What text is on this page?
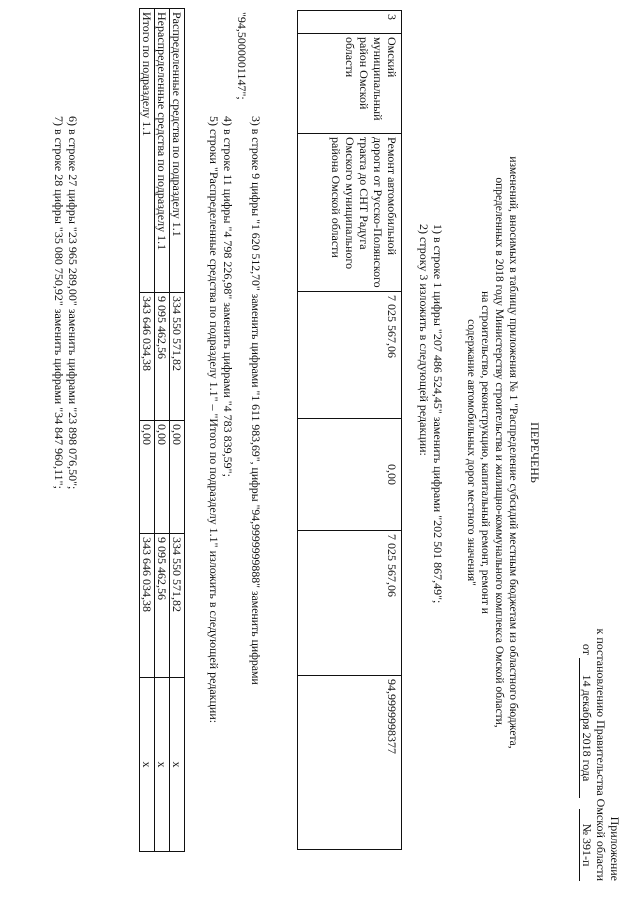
Приложение
к постановлению Правительства Омской области
от 14 декабря 2018 года № 391-п
ПЕРЕЧЕНЬ
изменений, вносимых в таблицу приложения № 1 "Распределение субсидий местным бюджетам из областного бюджета,
определенных в 2018 году Министерству строительства и жилищно-коммунального комплекса Омской области,
на строительство, реконструкцию, капитальный ремонт, ремонт и
содержание автомобильных дорог местного значения"
1) в строке 1 цифры "207 486 524,45" заменить цифрами "202 501 867,49";
2) строку 3 изложить в следующей редакции:
3	Омский муниципальный район Омской области	Ремонт автомобильной дороги от Русско-Полянского тракта до СНТ Радуга Омского муниципального района Омской области	7 025 567,06	0,00	7 025 567,06	94,9999998377
3) в строке 9 цифры "1 620 512,70" заменить цифрами "1 611 983,69", цифры "94,9999999888" заменить цифрами
"94,5000001147";
4) в строке 11 цифры "4 798 226,98" заменить цифрами "4 783 839,59";
5) строки "Распределенные средства по подразделу 1.1" – "Итого по подразделу 1.1" изложить в следующей редакции:
Распределенные средства по подразделу 1.1	334 550 571,82	0,00	334 550 571,82	x
Нераспределенные средства по подразделу 1.1	9 095 462,56	0,00	9 095 462,56	x
Итого по подразделу 1.1	343 646 034,38	0,00	343 646 034,38	x
6) в строке 27 цифры "23 965 289,00" заменить цифрами "23 898 076,50";
7) в строке 28 цифры "35 080 750,92" заменить цифрами "34 847 960,11";
